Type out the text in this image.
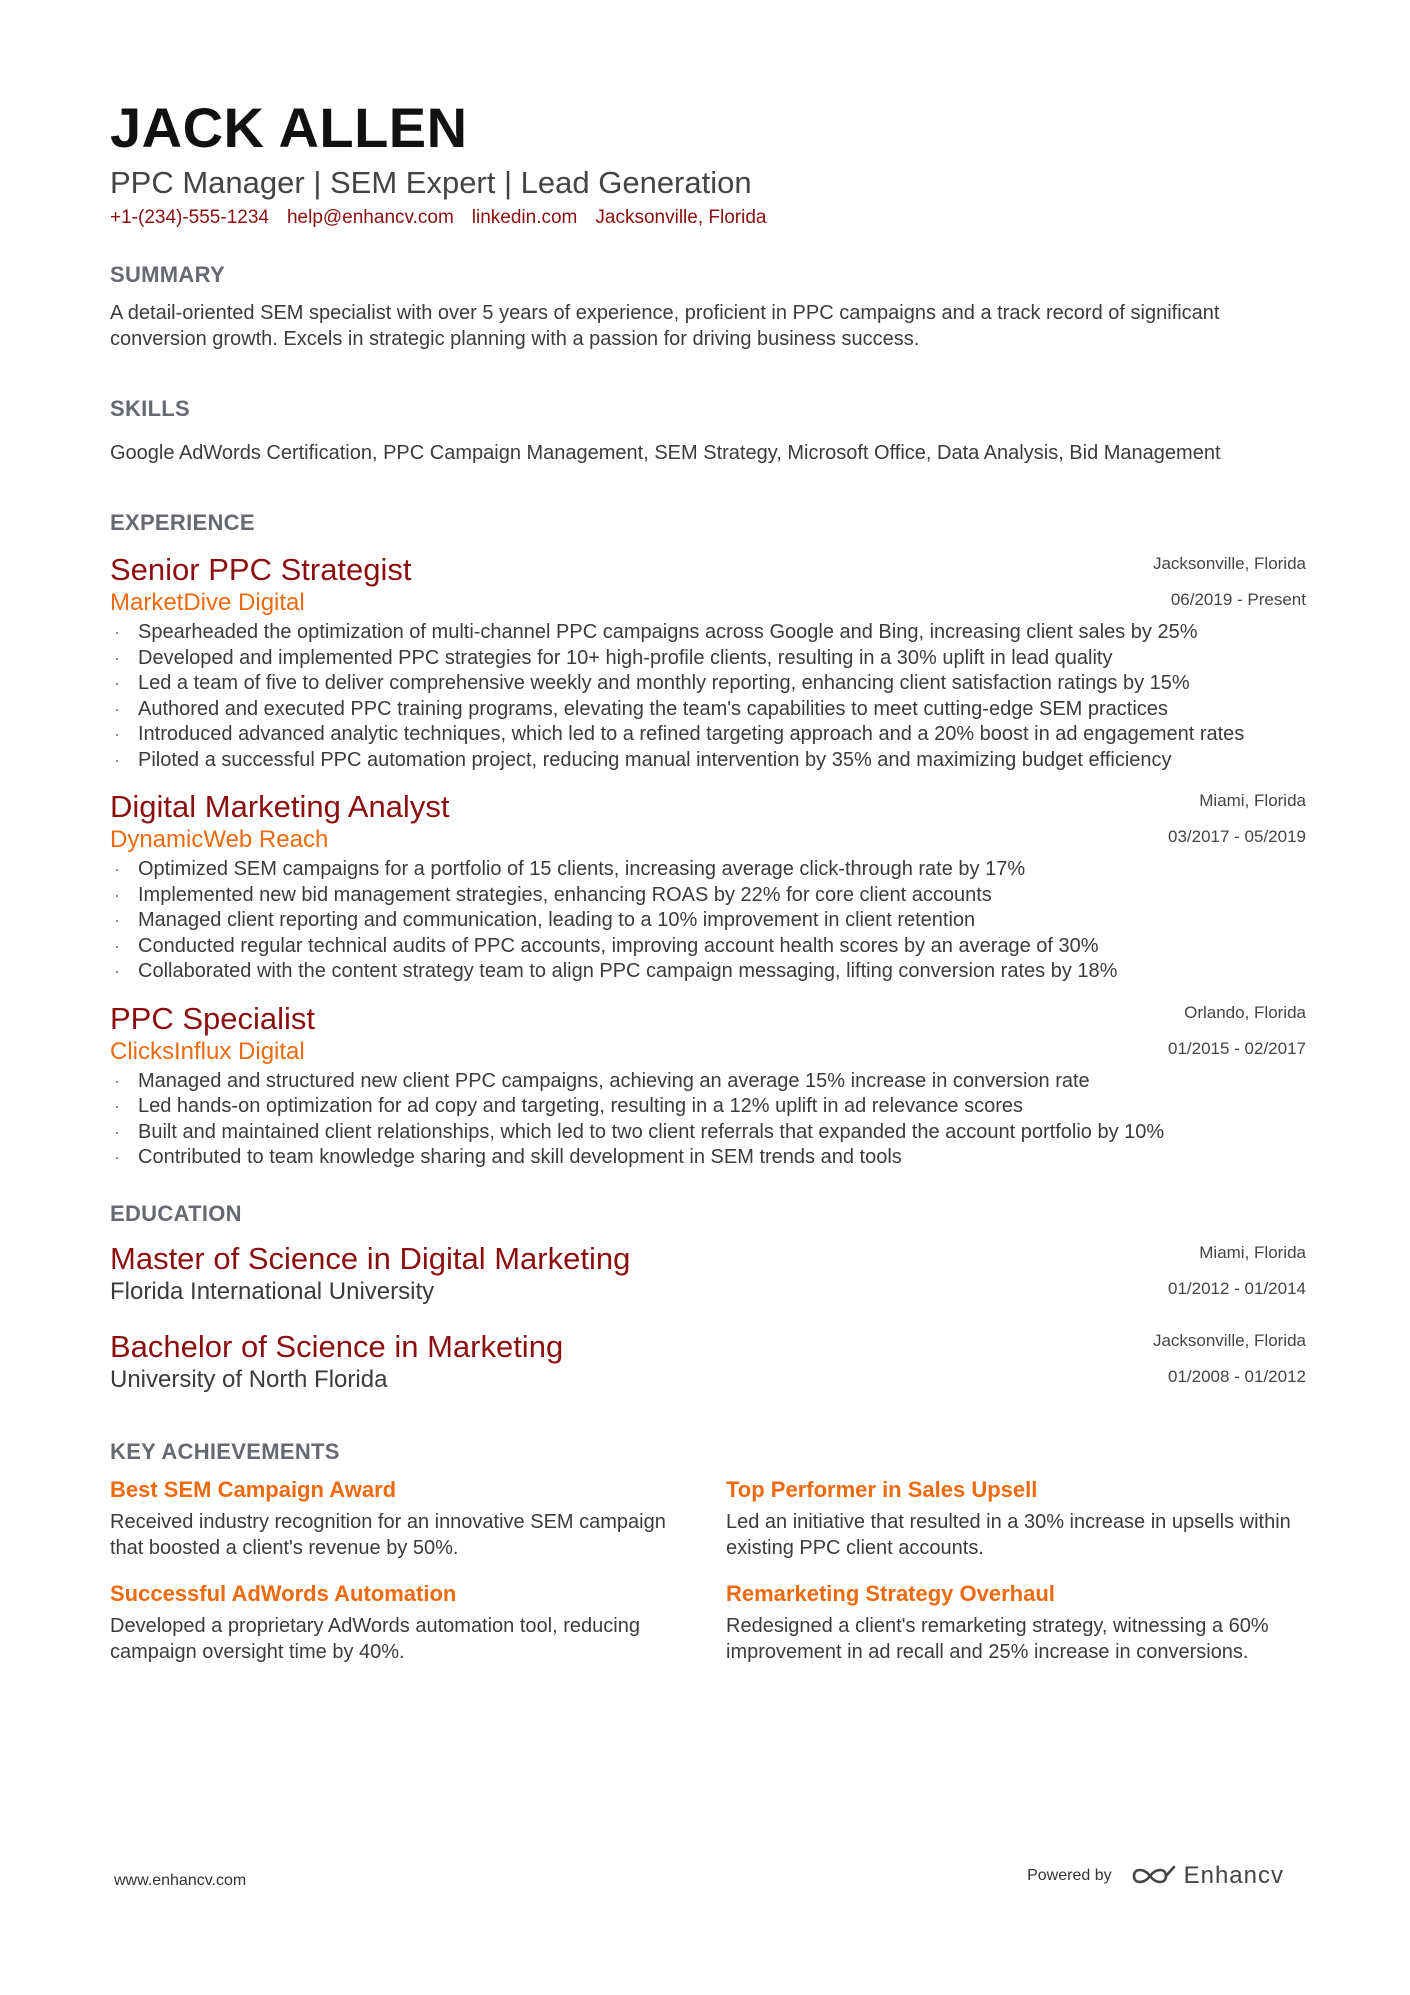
JACK ALLEN
PPC Manager | SEM Expert | Lead Generation
+1-(234)-555-1234 help@enhancv.com linkedin.com Jacksonville, Florida
SUMMARY
A detail-oriented SEM specialist with over 5 years of experience, proficient in PPC campaigns and a track record of significant conversion growth. Excels in strategic planning with a passion for driving business success.
SKILLS
Google AdWords Certification, PPC Campaign Management, SEM Strategy, Microsoft Office, Data Analysis, Bid Management
EXPERIENCE
Senior PPC Strategist
MarketDive Digital
Jacksonville, Florida
06/2019 - Present
· Spearheaded the optimization of multi-channel PPC campaigns across Google and Bing, increasing client sales by 25%
· Developed and implemented PPC strategies for 10+ high-profile clients, resulting in a 30% uplift in lead quality
· Led a team of five to deliver comprehensive weekly and monthly reporting, enhancing client satisfaction ratings by 15%
· Authored and executed PPC training programs, elevating the team's capabilities to meet cutting-edge SEM practices
· Introduced advanced analytic techniques, which led to a refined targeting approach and a 20% boost in ad engagement rates
· Piloted a successful PPC automation project, reducing manual intervention by 35% and maximizing budget efficiency
Digital Marketing Analyst
DynamicWeb Reach
Miami, Florida
03/2017 - 05/2019
· Optimized SEM campaigns for a portfolio of 15 clients, increasing average click-through rate by 17%
· Implemented new bid management strategies, enhancing ROAS by 22% for core client accounts
· Managed client reporting and communication, leading to a 10% improvement in client retention
· Conducted regular technical audits of PPC accounts, improving account health scores by an average of 30%
· Collaborated with the content strategy team to align PPC campaign messaging, lifting conversion rates by 18%
PPC Specialist
ClicksInflux Digital
Orlando, Florida
01/2015 - 02/2017
· Managed and structured new client PPC campaigns, achieving an average 15% increase in conversion rate
· Led hands-on optimization for ad copy and targeting, resulting in a 12% uplift in ad relevance scores
· Built and maintained client relationships, which led to two client referrals that expanded the account portfolio by 10%
· Contributed to team knowledge sharing and skill development in SEM trends and tools
EDUCATION
Master of Science in Digital Marketing
Florida International University
Miami, Florida
01/2012 - 01/2014
Bachelor of Science in Marketing
University of North Florida
Jacksonville, Florida
01/2008 - 01/2012
KEY ACHIEVEMENTS
Best SEM Campaign Award
Received industry recognition for an innovative SEM campaign that boosted a client's revenue by 50%.
Top Performer in Sales Upsell
Led an initiative that resulted in a 30% increase in upsells within existing PPC client accounts.
Successful AdWords Automation
Developed a proprietary AdWords automation tool, reducing campaign oversight time by 40%.
Remarketing Strategy Overhaul
Redesigned a client's remarketing strategy, witnessing a 60% improvement in ad recall and 25% increase in conversions.
www.enhancv.com	Powered by	Enhancv
